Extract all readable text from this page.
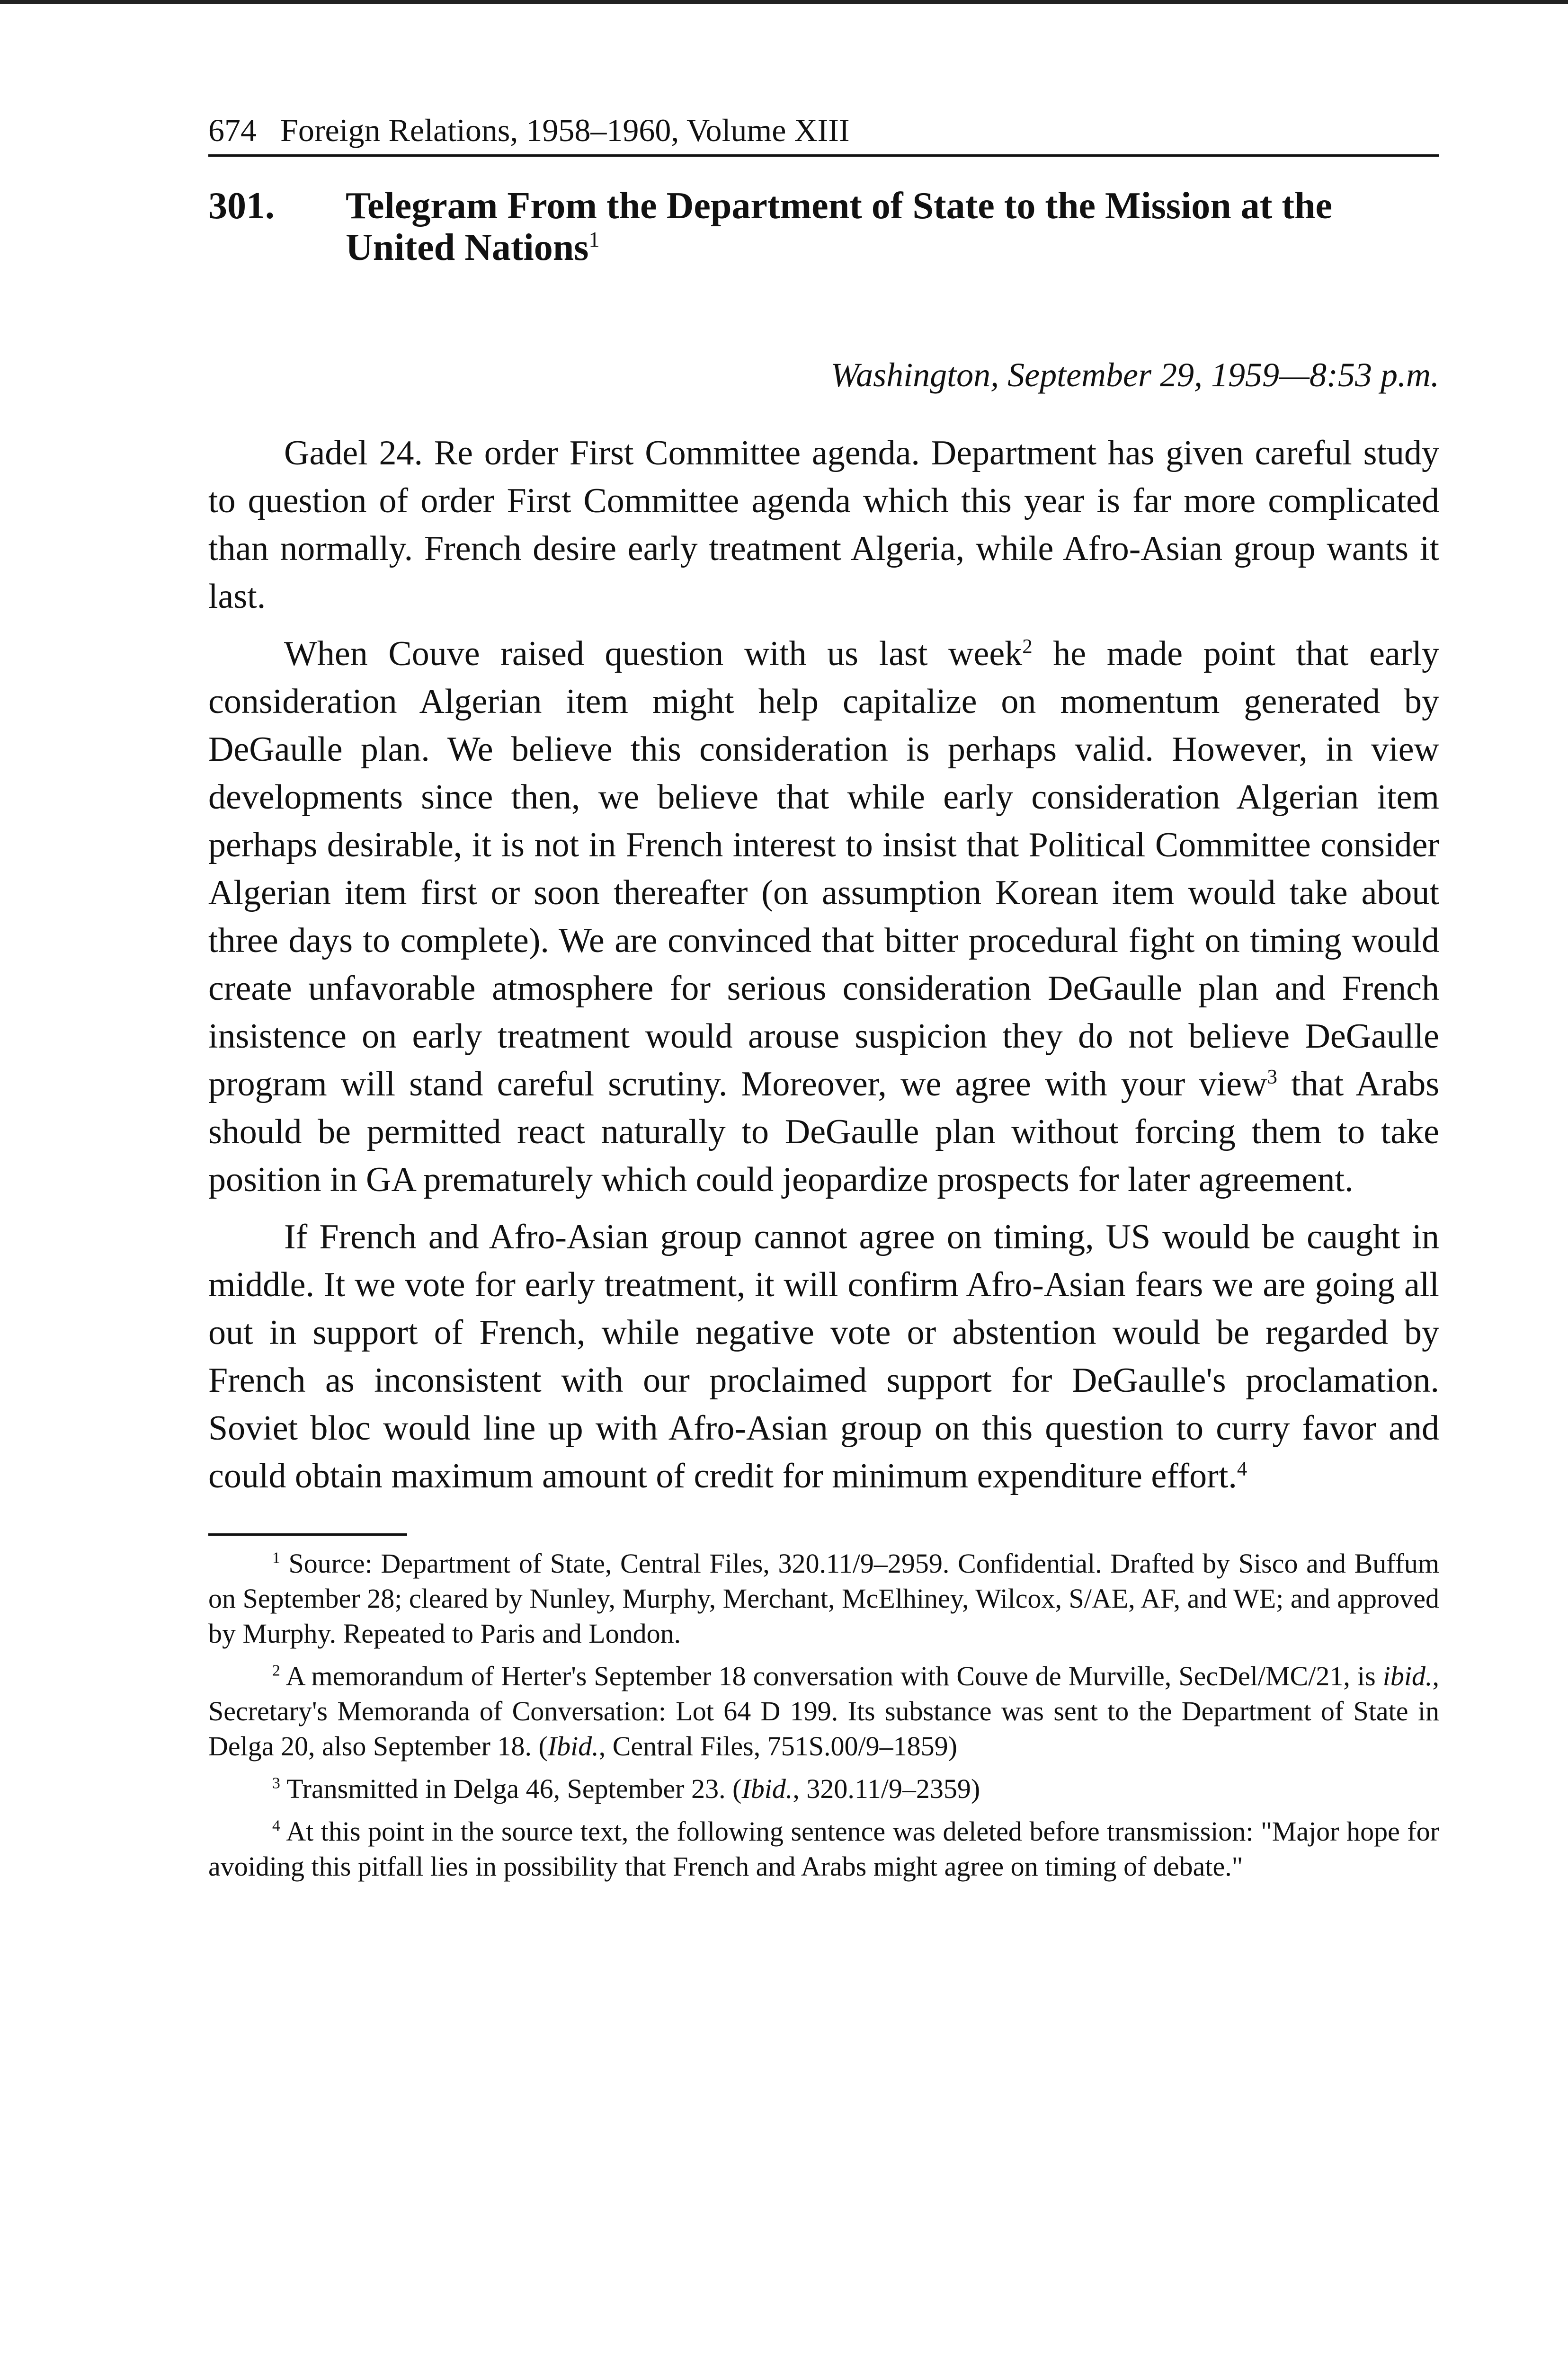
674 Foreign Relations, 1958–1960, Volume XIII
301.	Telegram From the Department of State to the Mission at the United Nations$^1$
Washington, September 29, 1959—8:53 p.m.

Gadel 24. Re order First Committee agenda. Department has given careful study to question of order First Committee agenda which this year is far more complicated than normally. French desire early treatment Algeria, while Afro-Asian group wants it last.

When Couve raised question with us last week$^2$ he made point that early consideration Algerian item might help capitalize on momentum generated by DeGaulle plan. We believe this consideration is perhaps valid. However, in view developments since then, we believe that while early consideration Algerian item perhaps desirable, it is not in French interest to insist that Political Committee consider Algerian item first or soon thereafter (on assumption Korean item would take about three days to complete). We are convinced that bitter procedural fight on timing would create unfavorable atmosphere for serious consideration DeGaulle plan and French insistence on early treatment would arouse suspicion they do not believe DeGaulle program will stand careful scrutiny. Moreover, we agree with your view$^3$ that Arabs should be permitted react naturally to DeGaulle plan without forcing them to take position in GA prematurely which could jeopardize prospects for later agreement.

If French and Afro-Asian group cannot agree on timing, US would be caught in middle. It we vote for early treatment, it will confirm Afro-Asian fears we are going all out in support of French, while negative vote or abstention would be regarded by French as inconsistent with our proclaimed support for DeGaulle's proclamation. Soviet bloc would line up with Afro-Asian group on this question to curry favor and could obtain maximum amount of credit for minimum expenditure effort.$^4$

$^1$ Source: Department of State, Central Files, 320.11/9–2959. Confidential. Drafted by Sisco and Buffum on September 28; cleared by Nunley, Murphy, Merchant, McElhiney, Wilcox, S/AE, AF, and WE; and approved by Murphy. Repeated to Paris and London.

$^2$ A memorandum of Herter's September 18 conversation with Couve de Murville, SecDel/MC/21, is ibid., Secretary's Memoranda of Conversation: Lot 64 D 199. Its substance was sent to the Department of State in Delga 20, also September 18. (Ibid., Central Files, 751S.00/9–1859)

$^3$ Transmitted in Delga 46, September 23. (Ibid., 320.11/9–2359)

$^4$ At this point in the source text, the following sentence was deleted before transmission: "Major hope for avoiding this pitfall lies in possibility that French and Arabs might agree on timing of debate."
